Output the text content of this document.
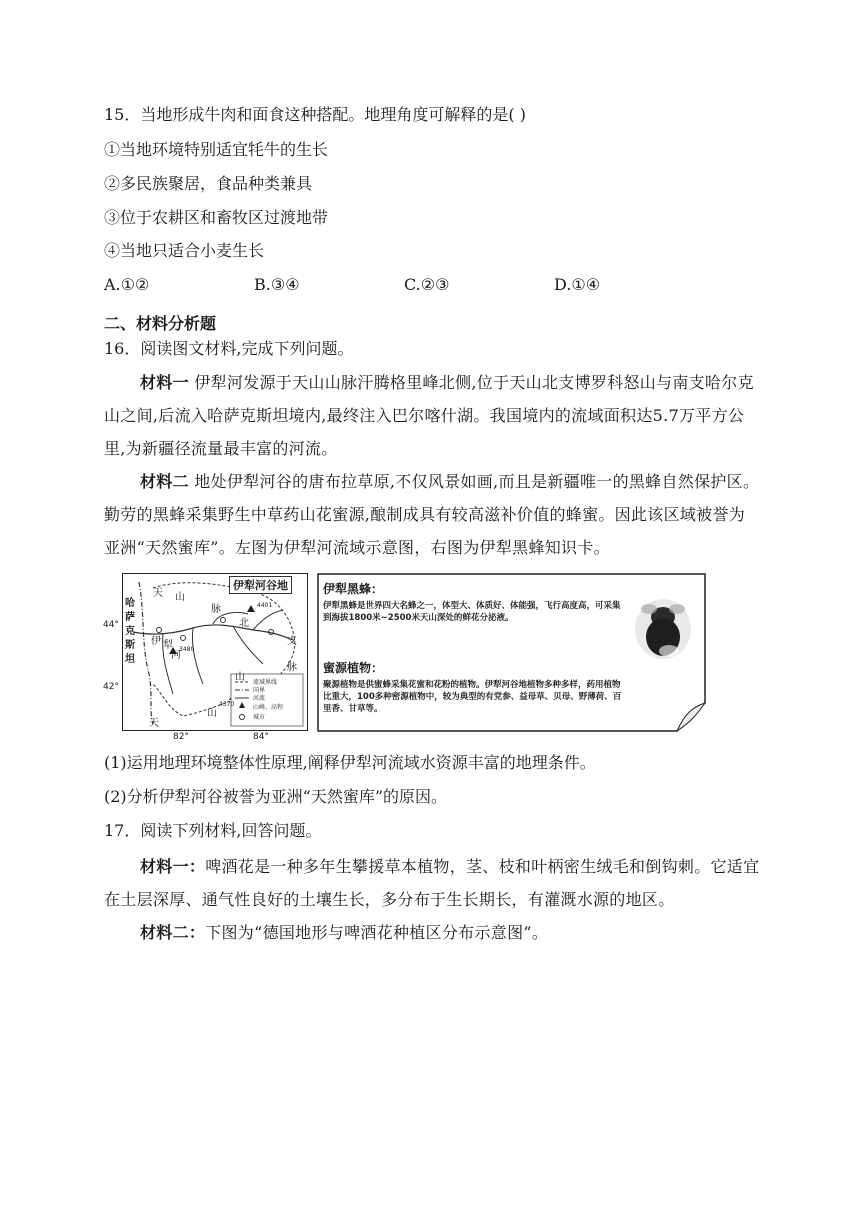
15．当地形成牛肉和面食这种搭配。地理角度可解释的是( )
①当地环境特别适宜牦牛的生长
②多民族聚居，食品种类兼具
③位于农耕区和畜牧区过渡地带
④当地只适合小麦生长
A.①②	B.③④	C.②③	D.①④
二、材料分析题
16．阅读图文材料,完成下列问题。
材料一 伊犁河发源于天山山脉汗腾格里峰北侧,位于天山北支博罗科怒山与南支哈尔克山之间,后流入哈萨克斯坦境内,最终注入巴尔喀什湖。我国境内的流域面积达5.7万平方公里,为新疆径流量最丰富的河流。
材料二 地处伊犁河谷的唐布拉草原,不仅风景如画,而且是新疆唯一的黑蜂自然保护区。勤劳的黑蜂采集野生中草药山花蜜源,酿制成具有较高滋补价值的蜂蜜。因此该区域被誉为亚洲“天然蜜库”。左图为伊犁河流域示意图，右图为伊犁黑蜂知识卡。
伊犁河谷地
天 山
脉
北
支
脉
山
天
山
伊 犁
河
哈
萨
克
斯
坦
44°
42°
82°	84°
4401
3480
4370
流域界线
国界
河流
山峰、高程
城市
伊犁黑蜂：
伊犁黑蜂是世界四大名蜂之一，体型大、体质好、体能强，飞行高度高，可采集到海拔1800米~2500米天山深处的鲜花分泌液。
蜜源植物：
聚源植物是供蜜蜂采集花蜜和花粉的植物。伊犁河谷地植物多种多样，药用植物比重大，100多种密源植物中，较为典型的有党参、益母草、贝母、野薄荷、百里香、甘草等。
(1)运用地理环境整体性原理,阐释伊犁河流域水资源丰富的地理条件。
(2)分析伊犁河谷被誉为亚洲“天然蜜库”的原因。
17．阅读下列材料,回答问题。
材料一：啤酒花是一种多年生攀援草本植物，茎、枝和叶柄密生绒毛和倒钩刺。它适宜在土层深厚、通气性良好的土壤生长，多分布于生长期长，有灌溉水源的地区。
材料二：下图为“德国地形与啤酒花种植区分布示意图”。
